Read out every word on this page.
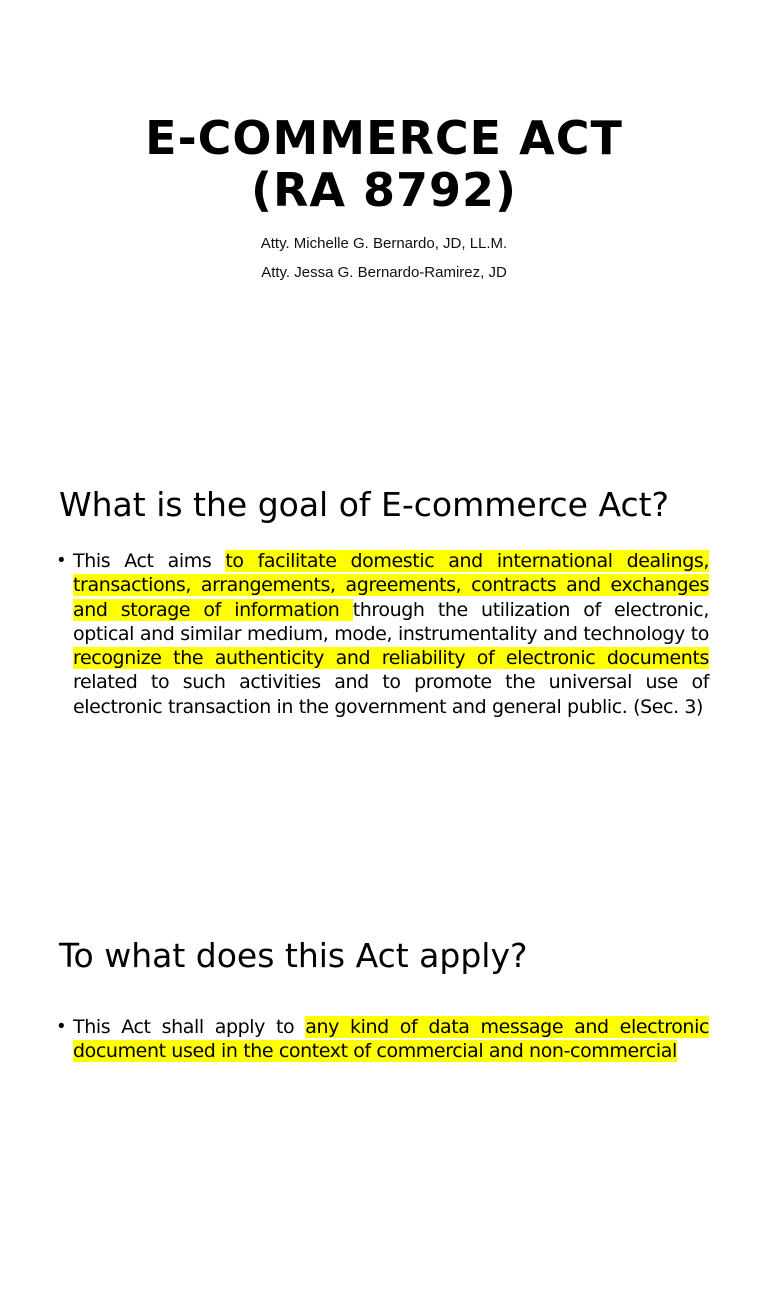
E-COMMERCE ACT
(RA 8792)
Atty. Michelle G. Bernardo, JD, LL.M.
Atty. Jessa G. Bernardo-Ramirez, JD
What is the goal of E-commerce Act?
• This Act aims to facilitate domestic and international dealings, transactions, arrangements, agreements, contracts and exchanges and storage of information through the utilization of electronic, optical and similar medium, mode, instrumentality and technology to recognize the authenticity and reliability of electronic documents related to such activities and to promote the universal use of electronic transaction in the government and general public. (Sec. 3)
To what does this Act apply?
• This Act shall apply to any kind of data message and electronic document used in the context of commercial and non-commercial
